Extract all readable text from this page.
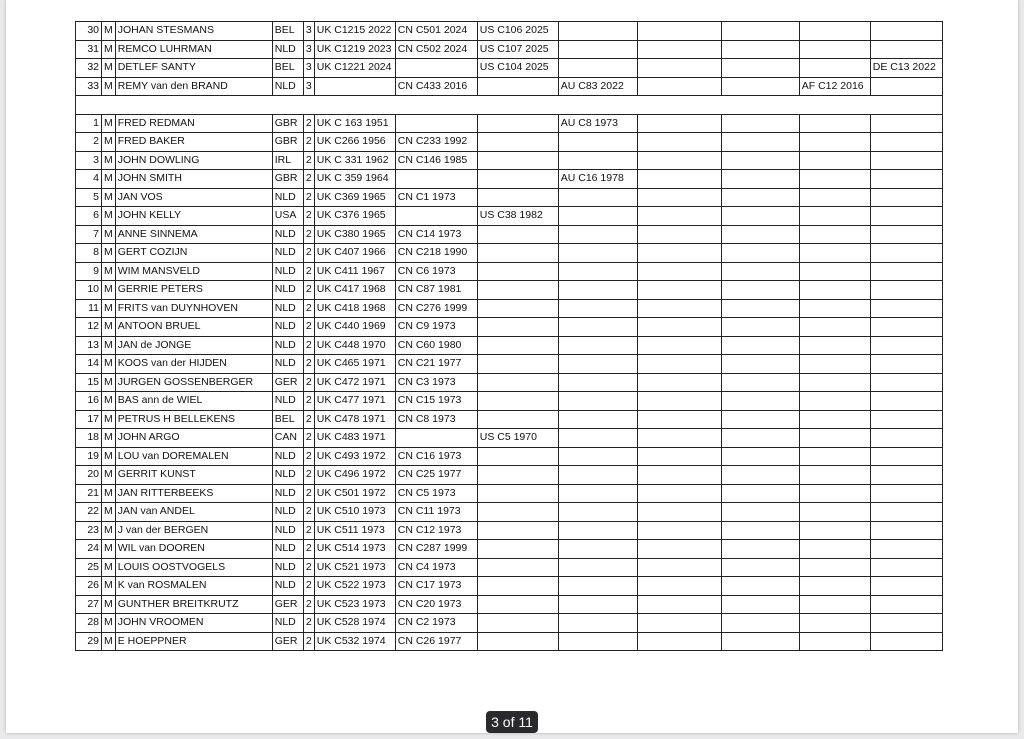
30	M	JOHAN STESMANS	BEL	3	UK C1215 2022	CN C501 2024	US C106 2025					
31	M	REMCO LUHRMAN	NLD	3	UK C1219 2023	CN C502 2024	US C107 2025					
32	M	DETLEF SANTY	BEL	3	UK C1221 2024		US C104 2025					DE C13 2022
33	M	REMY van den BRAND	NLD	3		CN C433 2016		AU C83 2022			AF C12 2016	

1	M	FRED REDMAN	GBR	2	UK C 163 1951			AU C8 1973				
2	M	FRED BAKER	GBR	2	UK C266 1956	CN C233 1992						
3	M	JOHN DOWLING	IRL	2	UK C 331 1962	CN C146 1985						
4	M	JOHN SMITH	GBR	2	UK C 359 1964			AU C16 1978				
5	M	JAN VOS	NLD	2	UK C369 1965	CN C1 1973						
6	M	JOHN KELLY	USA	2	UK C376 1965		US C38 1982					
7	M	ANNE SINNEMA	NLD	2	UK C380 1965	CN C14 1973						
8	M	GERT COZIJN	NLD	2	UK C407 1966	CN C218 1990						
9	M	WIM MANSVELD	NLD	2	UK C411 1967	CN C6 1973						
10	M	GERRIE PETERS	NLD	2	UK C417 1968	CN C87 1981						
11	M	FRITS van DUYNHOVEN	NLD	2	UK C418 1968	CN C276 1999						
12	M	ANTOON BRUEL	NLD	2	UK C440 1969	CN C9 1973						
13	M	JAN de JONGE	NLD	2	UK C448 1970	CN C60 1980						
14	M	KOOS van der HIJDEN	NLD	2	UK C465 1971	CN C21 1977						
15	M	JURGEN GOSSENBERGER	GER	2	UK C472 1971	CN C3 1973						
16	M	BAS ann de WIEL	NLD	2	UK C477 1971	CN C15 1973						
17	M	PETRUS H BELLEKENS	BEL	2	UK C478 1971	CN C8 1973						
18	M	JOHN ARGO	CAN	2	UK C483 1971		US C5 1970					
19	M	LOU van DOREMALEN	NLD	2	UK C493 1972	CN C16 1973						
20	M	GERRIT KUNST	NLD	2	UK C496 1972	CN C25 1977						
21	M	JAN RITTERBEEKS	NLD	2	UK C501 1972	CN C5 1973						
22	M	JAN van ANDEL	NLD	2	UK C510 1973	CN C11 1973						
23	M	J van der BERGEN	NLD	2	UK C511 1973	CN C12 1973						
24	M	WIL van DOOREN	NLD	2	UK C514 1973	CN C287 1999						
25	M	LOUIS OOSTVOGELS	NLD	2	UK C521 1973	CN C4 1973						
26	M	K van ROSMALEN	NLD	2	UK C522 1973	CN C17 1973						
27	M	GUNTHER BREITKRUTZ	GER	2	UK C523 1973	CN C20 1973						
28	M	JOHN VROOMEN	NLD	2	UK C528 1974	CN C2 1973						
29	M	E HOEPPNER	GER	2	UK C532 1974	CN C26 1977						
3 of 11
